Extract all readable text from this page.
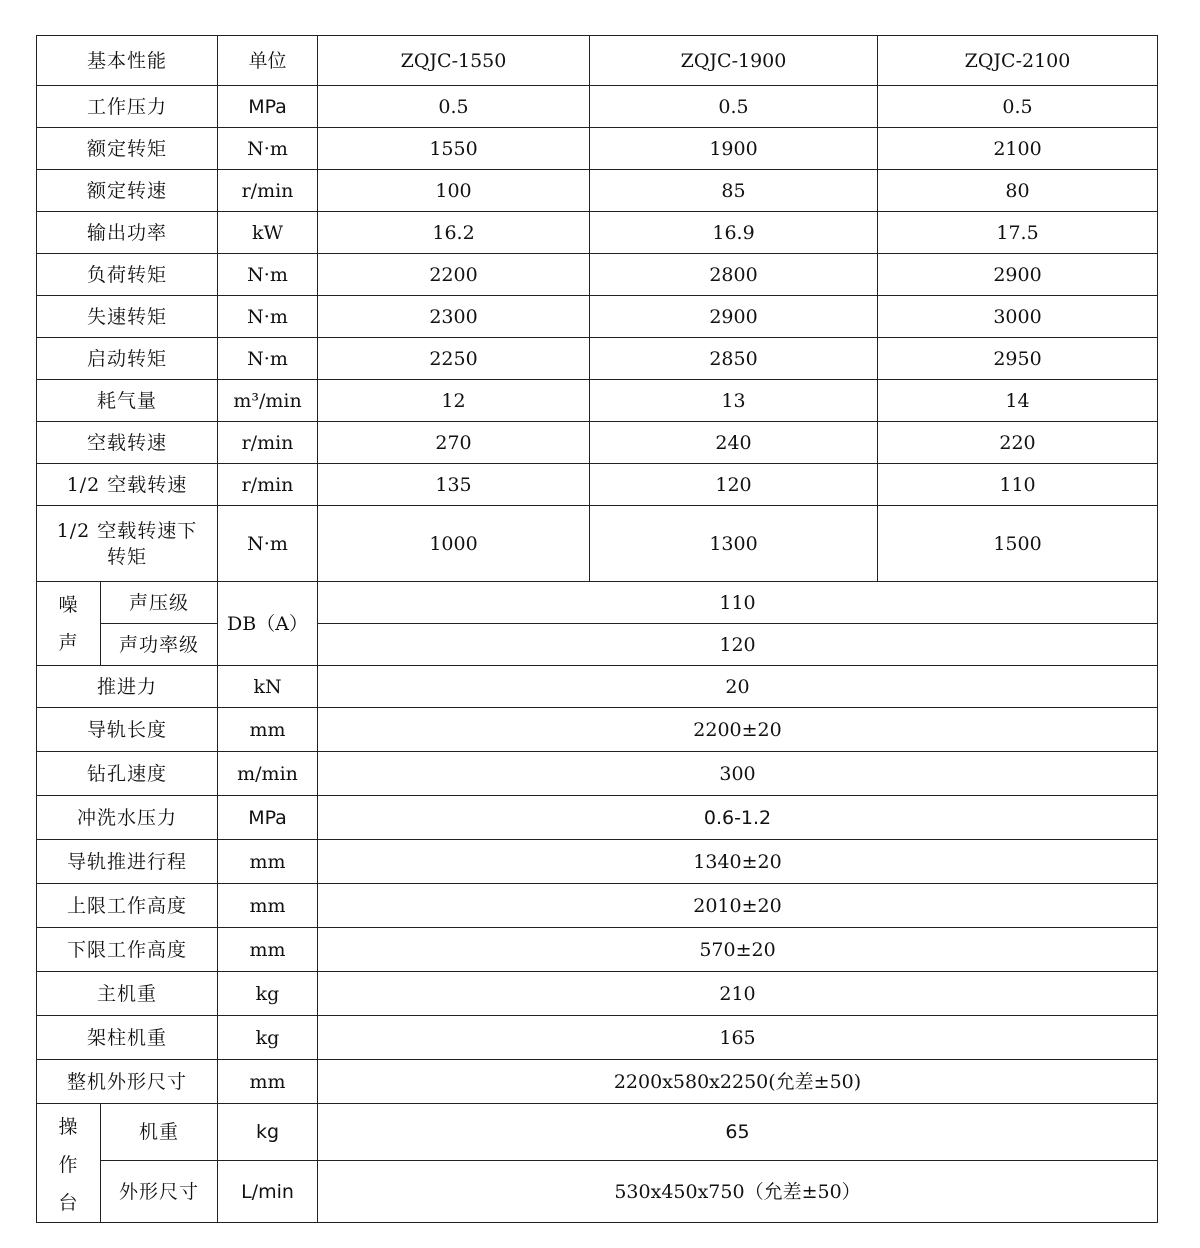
基本性能		单位	ZQJC-1550	ZQJC-1900	ZQJC-2100
工作压力		MPa	0.5	0.5	0.5
额定转矩		N·m	1550	1900	2100
额定转速		r/min	100	85	80
输出功率		kW	16.2	16.9	17.5
负荷转矩		N·m	2200	2800	2900
失速转矩		N·m	2300	2900	3000
启动转矩		N·m	2250	2850	2950
耗气量		m³/min	12	13	14
空载转速		r/min	270	240	220
1/2 空载转速		r/min	135	120	110
1/2 空载转速下转矩		N·m	1000	1300	1500
噪声	声压级	DB（A）	110		
	声功率级		120		
推进力		kN	20		
导轨长度		mm	2200±20		
钻孔速度		m/min	300		
冲洗水压力		MPa	0.6-1.2		
导轨推进行程		mm	1340±20		
上限工作高度		mm	2010±20		
下限工作高度		mm	570±20		
主机重		kg	210		
架柱机重		kg	165		
整机外形尺寸		mm	2200x580x2250(允差±50)		
操作台	机重	kg	65		
	外形尺寸	L/min	530x450x750（允差±50）		
